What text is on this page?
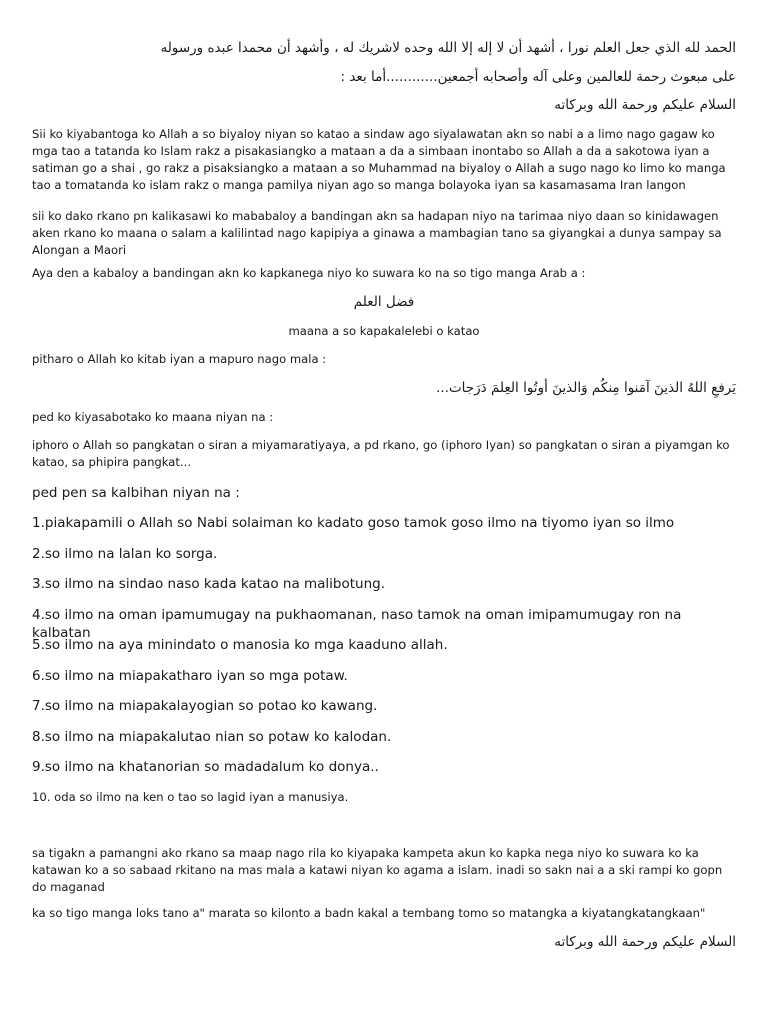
الحمد لله الذي جعل العلم نورا ، أشهد أن لا إله إلا الله وحده لاشريك له ، وأشهد أن محمدا عبده ورسوله
على مبعوث رحمة للعالمين وعلى آله وأصحابه أجمعين............أما بعد :
السلام عليكم ورحمة الله وبركاته

Sii ko kiyabantoga ko Allah a so biyaloy niyan so katao a sindaw ago siyalawatan akn so nabi a a limo nago gagaw ko mga tao a tatanda ko Islam rakz a pisakasiangko a mataan a da a simbaan inontabo so Allah a da a sakotowa iyan a satiman go a shai , go rakz a pisaksiangko a mataan a so Muhammad na biyaloy o Allah a sugo nago ko limo ko manga tao a tomatanda ko islam rakz o manga pamilya niyan ago so manga bolayoka iyan sa kasamasama Iran langon

sii ko dako rkano pn kalikasawi ko mababaloy a bandingan akn sa hadapan niyo na tarimaa niyo daan so kinidawagen aken rkano ko maana o salam a kalilintad nago kapipiya a ginawa a mambagian tano sa giyangkai a dunya sampay sa Alongan a Maori

Aya den a kabaloy a bandingan akn ko kapkanega niyo ko suwara ko na so tigo manga Arab a :

فضل العلم

maana a so kapakalelebi o katao

pitharo o Allah ko kitab iyan a mapuro nago mala :

يَرفعِ اللهُ الذينَ آمَنوا مِنكُم وَالذينَ أوتُوا العِلمَ دَرَجات...

ped ko kiyasabotako ko maana niyan na :

iphoro o Allah so pangkatan o siran a miyamaratiyaya, a pd rkano, go (iphoro Iyan) so pangkatan o siran a piyamgan ko katao, sa phipira pangkat...

ped pen sa kalbihan niyan na :

1.piakapamili o Allah so Nabi solaiman ko kadato goso tamok goso ilmo na tiyomo iyan so ilmo
2.so ilmo na lalan ko sorga.
3.so ilmo na sindao naso kada katao na malibotung.
4.so ilmo na oman ipamumugay na pukhaomanan, naso tamok na oman imipamumugay ron na kalbatan
5.so ilmo na aya minindato o manosia ko mga kaaduno allah.
6.so ilmo na miapakatharo iyan so mga potaw.
7.so ilmo na miapakalayogian so potao ko kawang.
8.so ilmo na miapakalutao nian so potaw ko kalodan.
9.so ilmo na khatanorian so madadalum ko donya..

10. oda so ilmo na ken o tao so lagid iyan a manusiya.

sa tigakn a pamangni ako rkano sa maap nago rila ko kiyapaka kampeta akun ko kapka nega niyo ko suwara ko ka katawan ko a so sabaad rkitano na mas mala a katawi niyan ko agama a islam. inadi so sakn nai a a ski rampi ko gopn do maganad

ka so tigo manga loks tano a" marata so kilonto a badn kakal a tembang tomo so matangka a kiyatangkatangkaan"

السلام عليكم ورحمة الله وبركاته
